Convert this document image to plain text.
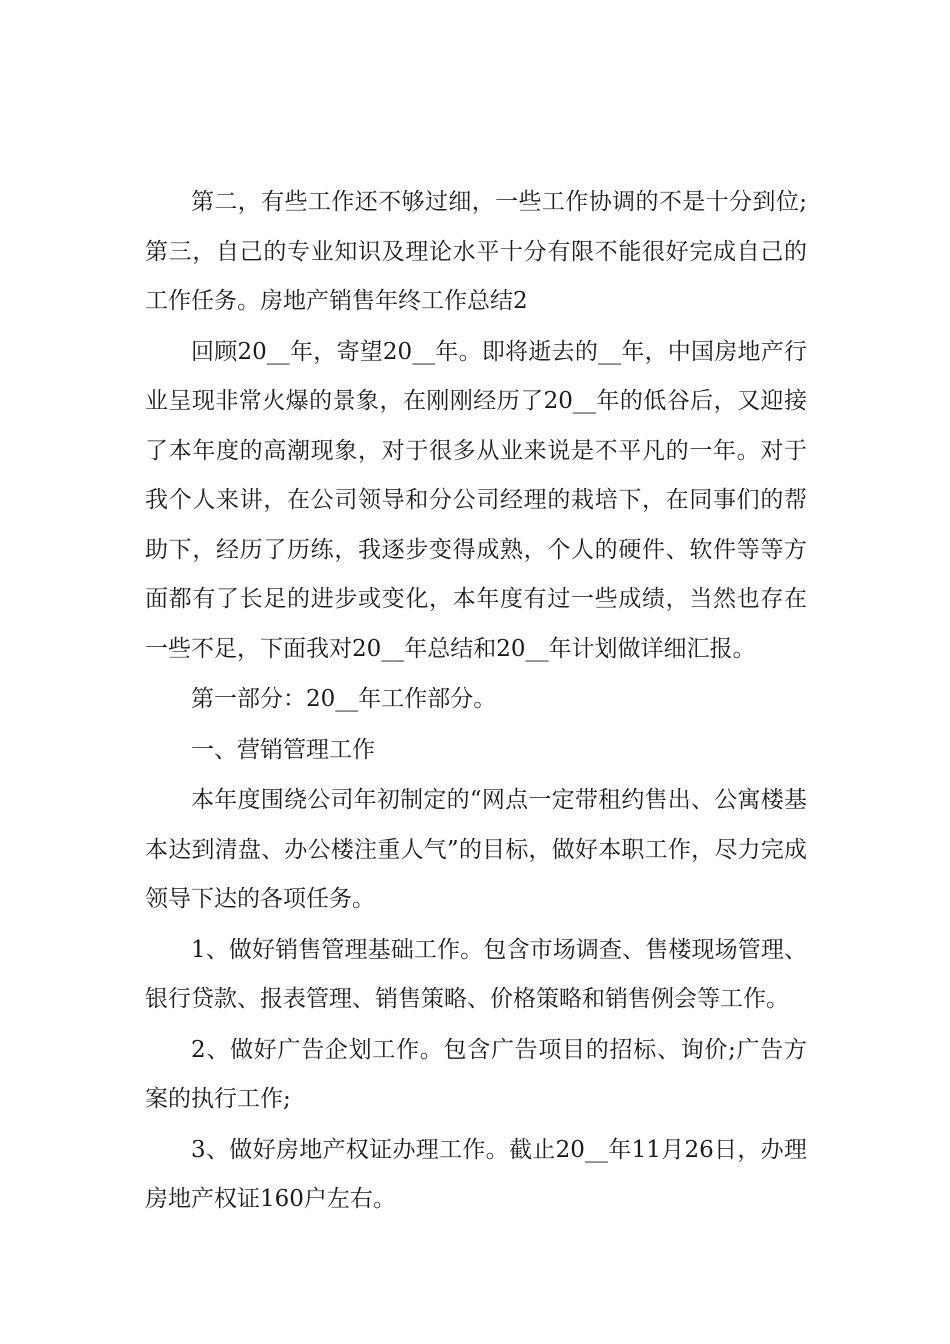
第二，有些工作还不够过细，一些工作协调的不是十分到位;第三，自己的专业知识及理论水平十分有限不能很好完成自己的工作任务。房地产销售年终工作总结2

回顾20__年，寄望20__年。即将逝去的__年，中国房地产行业呈现非常火爆的景象，在刚刚经历了20__年的低谷后，又迎接了本年度的高潮现象，对于很多从业来说是不平凡的一年。对于我个人来讲，在公司领导和分公司经理的栽培下，在同事们的帮助下，经历了历练，我逐步变得成熟，个人的硬件、软件等等方面都有了长足的进步或变化，本年度有过一些成绩，当然也存在一些不足，下面我对20__年总结和20__年计划做详细汇报。

第一部分：20__年工作部分。

一、营销管理工作

本年度围绕公司年初制定的“网点一定带租约售出、公寓楼基本达到清盘、办公楼注重人气”的目标，做好本职工作，尽力完成领导下达的各项任务。

1、做好销售管理基础工作。包含市场调查、售楼现场管理、银行贷款、报表管理、销售策略、价格策略和销售例会等工作。

2、做好广告企划工作。包含广告项目的招标、询价;广告方案的执行工作;

3、做好房地产权证办理工作。截止20__年11月26日，办理房地产权证160户左右。
